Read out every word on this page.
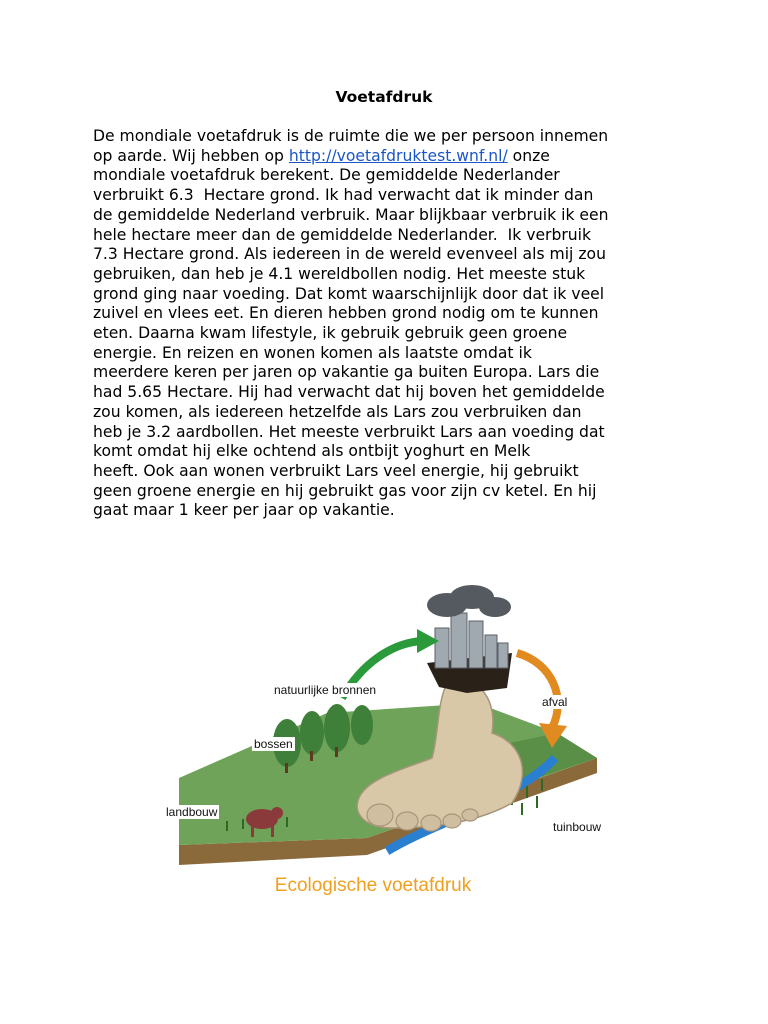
Voetafdruk
De mondiale voetafdruk is de ruimte die we per persoon innemen
op aarde. Wij hebben op http://voetafdruktest.wnf.nl/ onze
mondiale voetafdruk berekent. De gemiddelde Nederlander
verbruikt 6.3  Hectare grond. Ik had verwacht dat ik minder dan
de gemiddelde Nederland verbruik. Maar blijkbaar verbruik ik een
hele hectare meer dan de gemiddelde Nederlander.  Ik verbruik
7.3 Hectare grond. Als iedereen in de wereld evenveel als mij zou
gebruiken, dan heb je 4.1 wereldbollen nodig. Het meeste stuk
grond ging naar voeding. Dat komt waarschijnlijk door dat ik veel
zuivel en vlees eet. En dieren hebben grond nodig om te kunnen
eten. Daarna kwam lifestyle, ik gebruik gebruik geen groene
energie. En reizen en wonen komen als laatste omdat ik
meerdere keren per jaren op vakantie ga buiten Europa. Lars die
had 5.65 Hectare. Hij had verwacht dat hij boven het gemiddelde
zou komen, als iedereen hetzelfde als Lars zou verbruiken dan
heb je 3.2 aardbollen. Het meeste verbruikt Lars aan voeding dat
komt omdat hij elke ochtend als ontbijt yoghurt en Melk
heeft. Ook aan wonen verbruikt Lars veel energie, hij gebruikt
geen groene energie en hij gebruikt gas voor zijn cv ketel. En hij
gaat maar 1 keer per jaar op vakantie.
natuurlijke bronnen
afval
bossen
landbouw
tuinbouw
Ecologische voetafdruk
